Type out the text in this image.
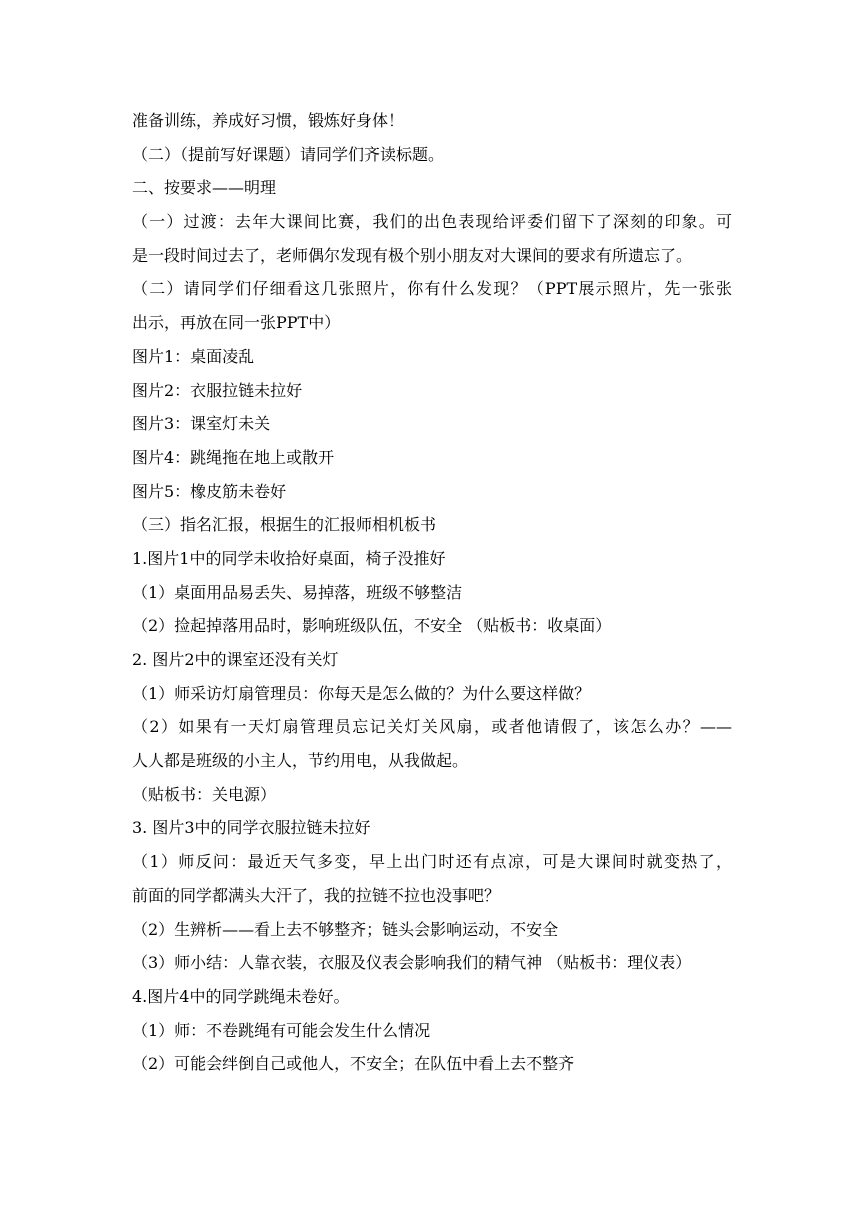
准备训练，养成好习惯，锻炼好身体！
（二）（提前写好课题）请同学们齐读标题。
二、按要求——明理
（一）过渡：去年大课间比赛，我们的出色表现给评委们留下了深刻的印象。可
是一段时间过去了，老师偶尔发现有极个别小朋友对大课间的要求有所遗忘了。
（二）请同学们仔细看这几张照片，你有什么发现？（PPT展示照片，先一张张
出示，再放在同一张PPT中）
图片1：桌面凌乱
图片2：衣服拉链未拉好
图片3：课室灯未关
图片4：跳绳拖在地上或散开
图片5：橡皮筋未卷好
（三）指名汇报，根据生的汇报师相机板书
1.图片1中的同学未收拾好桌面，椅子没推好
（1）桌面用品易丢失、易掉落，班级不够整洁
（2）捡起掉落用品时，影响班级队伍，不安全 （贴板书：收桌面）
2. 图片2中的课室还没有关灯
（1）师采访灯扇管理员：你每天是怎么做的？为什么要这样做？
（2）如果有一天灯扇管理员忘记关灯关风扇，或者他请假了，该怎么办？——
人人都是班级的小主人，节约用电，从我做起。
（贴板书：关电源）
3. 图片3中的同学衣服拉链未拉好
（1）师反问：最近天气多变，早上出门时还有点凉，可是大课间时就变热了，
前面的同学都满头大汗了，我的拉链不拉也没事吧？
（2）生辨析——看上去不够整齐；链头会影响运动，不安全
（3）师小结：人靠衣装，衣服及仪表会影响我们的精气神 （贴板书：理仪表）
4.图片4中的同学跳绳未卷好。
（1）师：不卷跳绳有可能会发生什么情况
（2）可能会绊倒自己或他人，不安全；在队伍中看上去不整齐
